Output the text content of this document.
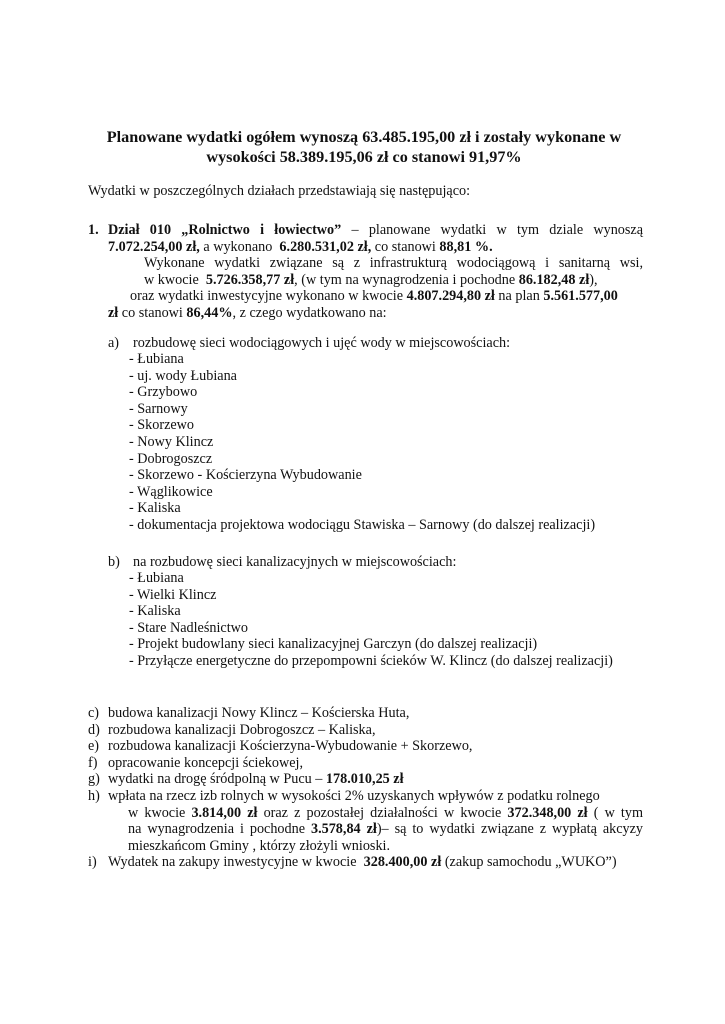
Planowane wydatki ogółem wynoszą 63.485.195,00 zł i zostały wykonane w
wysokości 58.389.195,06 zł co stanowi 91,97%
Wydatki w poszczególnych działach przedstawiają się następująco:
1. Dział 010 „Rolnictwo i łowiectwo” – planowane wydatki w tym dziale wynoszą
7.072.254,00 zł, a wykonano 6.280.531,02 zł, co stanowi 88,81 %.
Wykonane wydatki związane są z infrastrukturą wodociągową i sanitarną wsi,
w kwocie 5.726.358,77 zł, (w tym na wynagrodzenia i pochodne 86.182,48 zł),
oraz wydatki inwestycyjne wykonano w kwocie 4.807.294,80 zł na plan 5.561.577,00
zł co stanowi 86,44%, z czego wydatkowano na:
a) rozbudowę sieci wodociągowych i ujęć wody w miejscowościach:
- Łubiana
- uj. wody Łubiana
- Grzybowo
- Sarnowy
- Skorzewo
- Nowy Klincz
- Dobrogoszcz
- Skorzewo - Kościerzyna Wybudowanie
- Wąglikowice
- Kaliska
- dokumentacja projektowa wodociągu Stawiska – Sarnowy (do dalszej realizacji)
b) na rozbudowę sieci kanalizacyjnych w miejscowościach:
- Łubiana
- Wielki Klincz
- Kaliska
- Stare Nadleśnictwo
- Projekt budowlany sieci kanalizacyjnej Garczyn (do dalszej realizacji)
- Przyłącze energetyczne do przepompowni ścieków W. Klincz (do dalszej realizacji)
c) budowa kanalizacji Nowy Klincz – Kościerska Huta,
d) rozbudowa kanalizacji Dobrogoszcz – Kaliska,
e) rozbudowa kanalizacji Kościerzyna-Wybudowanie + Skorzewo,
f) opracowanie koncepcji ściekowej,
g) wydatki na drogę śródpolną w Pucu – 178.010,25 zł
h) wpłata na rzecz izb rolnych w wysokości 2% uzyskanych wpływów z podatku rolnego
w kwocie 3.814,00 zł oraz z pozostałej działalności w kwocie 372.348,00 zł ( w tym
na wynagrodzenia i pochodne 3.578,84 zł)– są to wydatki związane z wypłatą akcyzy
mieszkańcom Gminy , którzy złożyli wnioski.
i) Wydatek na zakupy inwestycyjne w kwocie 328.400,00 zł (zakup samochodu „WUKO”)
